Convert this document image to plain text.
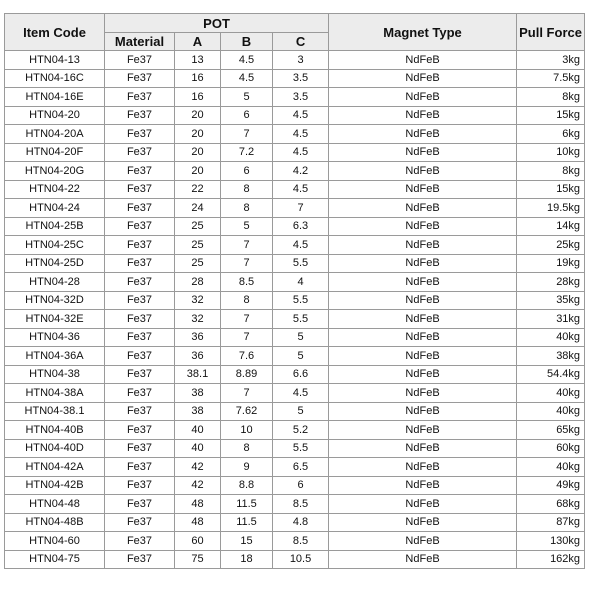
Item Code	POT				Magnet Type	Pull Force
	Material	A	B	C		
HTN04-13	Fe37	13	4.5	3	NdFeB	3kg
HTN04-16C	Fe37	16	4.5	3.5	NdFeB	7.5kg
HTN04-16E	Fe37	16	5	3.5	NdFeB	8kg
HTN04-20	Fe37	20	6	4.5	NdFeB	15kg
HTN04-20A	Fe37	20	7	4.5	NdFeB	6kg
HTN04-20F	Fe37	20	7.2	4.5	NdFeB	10kg
HTN04-20G	Fe37	20	6	4.2	NdFeB	8kg
HTN04-22	Fe37	22	8	4.5	NdFeB	15kg
HTN04-24	Fe37	24	8	7	NdFeB	19.5kg
HTN04-25B	Fe37	25	5	6.3	NdFeB	14kg
HTN04-25C	Fe37	25	7	4.5	NdFeB	25kg
HTN04-25D	Fe37	25	7	5.5	NdFeB	19kg
HTN04-28	Fe37	28	8.5	4	NdFeB	28kg
HTN04-32D	Fe37	32	8	5.5	NdFeB	35kg
HTN04-32E	Fe37	32	7	5.5	NdFeB	31kg
HTN04-36	Fe37	36	7	5	NdFeB	40kg
HTN04-36A	Fe37	36	7.6	5	NdFeB	38kg
HTN04-38	Fe37	38.1	8.89	6.6	NdFeB	54.4kg
HTN04-38A	Fe37	38	7	4.5	NdFeB	40kg
HTN04-38.1	Fe37	38	7.62	5	NdFeB	40kg
HTN04-40B	Fe37	40	10	5.2	NdFeB	65kg
HTN04-40D	Fe37	40	8	5.5	NdFeB	60kg
HTN04-42A	Fe37	42	9	6.5	NdFeB	40kg
HTN04-42B	Fe37	42	8.8	6	NdFeB	49kg
HTN04-48	Fe37	48	11.5	8.5	NdFeB	68kg
HTN04-48B	Fe37	48	11.5	4.8	NdFeB	87kg
HTN04-60	Fe37	60	15	8.5	NdFeB	130kg
HTN04-75	Fe37	75	18	10.5	NdFeB	162kg
